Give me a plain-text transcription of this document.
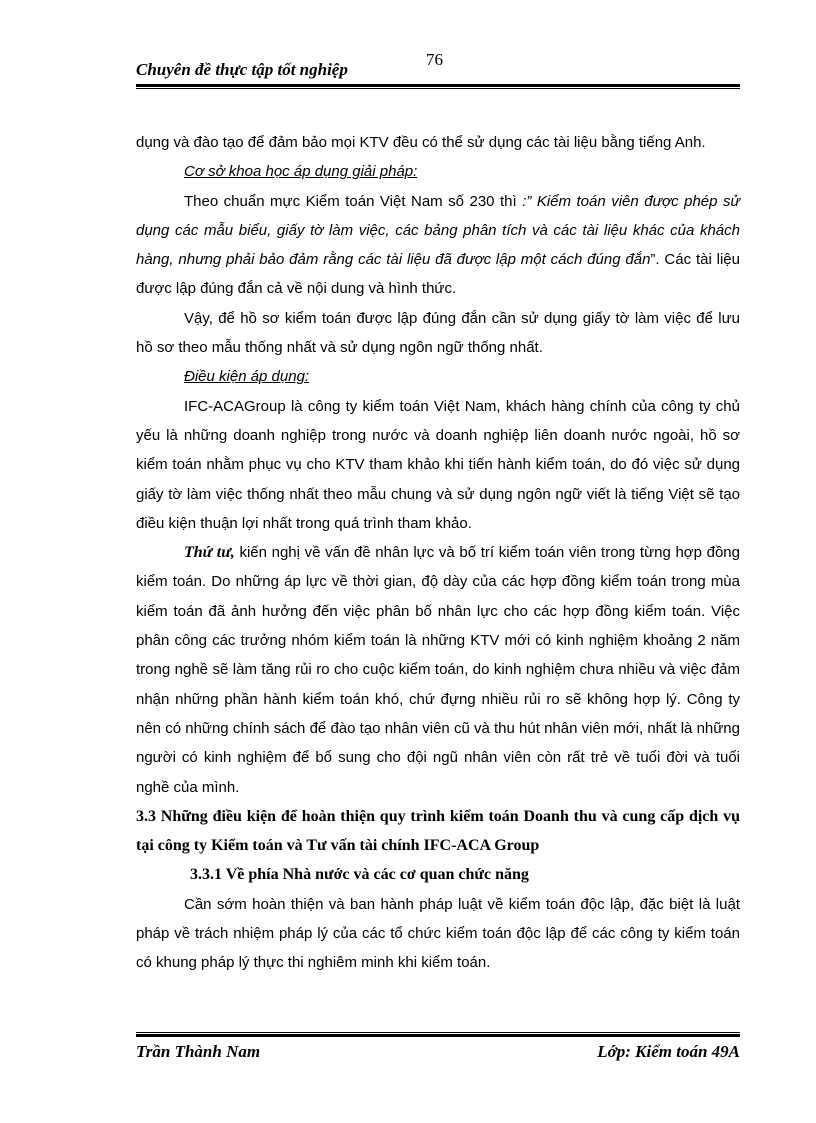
Chuyên đề thực tập tốt nghiệp
76

dụng và đào tạo để đảm bảo mọi KTV đều có thể sử dụng các tài liệu bằng tiếng Anh.

Cơ sở khoa học áp dụng giải pháp:

Theo chuẩn mực Kiểm toán Việt Nam số 230 thì :” Kiểm toán viên được phép sử dụng các mẫu biểu, giấy tờ làm việc, các bảng phân tích và các tài liệu khác của khách hàng, nhưng phải bảo đảm rằng các tài liệu đã được lập một cách đúng đắn”. Các tài liệu được lập đúng đắn cả về nội dung và hình thức.

Vậy, để hồ sơ kiểm toán được lập đúng đắn cần sử dụng giấy tờ làm việc để lưu hồ sơ theo mẫu thống nhất và sử dụng ngôn ngữ thống nhất.

Điều kiện áp dụng:

IFC-ACAGroup là công ty kiểm toán Việt Nam, khách hàng chính của công ty chủ yếu là những doanh nghiệp trong nước và doanh nghiệp liên doanh nước ngoài, hồ sơ kiểm toán nhằm phục vụ cho KTV tham khảo khi tiến hành kiểm toán, do đó việc sử dụng giấy tờ làm việc thống nhất theo mẫu chung và sử dụng ngôn ngữ viết là tiếng Việt sẽ tạo điều kiện thuận lợi nhất trong quá trình tham khảo.

Thứ tư, kiến nghị về vấn đề nhân lực và bố trí kiểm toán viên trong từng hợp đồng kiểm toán. Do những áp lực về thời gian, độ dày của các hợp đồng kiểm toán trong mùa kiểm toán đã ảnh hưởng đến việc phân bố nhân lực cho các hợp đồng kiểm toán. Việc phân công các trưởng nhóm kiểm toán là những KTV mới có kinh nghiệm khoảng 2 năm trong nghề sẽ làm tăng rủi ro cho cuộc kiểm toán, do kinh nghiệm chưa nhiều và việc đảm nhận những phần hành kiểm toán khó, chứ đựng nhiều rủi ro sẽ không hợp lý. Công ty nên có những chính sách để đào tạo nhân viên cũ và thu hút nhân viên mới, nhất là những người có kinh nghiệm để bổ sung cho đội ngũ nhân viên còn rất trẻ về tuổi đời và tuổi nghề của mình.

3.3 Những điều kiện để hoàn thiện quy trình kiểm toán Doanh thu và cung cấp dịch vụ tại công ty Kiểm toán và Tư vấn tài chính IFC-ACA Group

3.3.1 Về phía Nhà nước và các cơ quan chức năng

Cần sớm hoàn thiện và ban hành pháp luật về kiểm toán độc lập, đặc biệt là luật pháp về trách nhiệm pháp lý của các tổ chức kiểm toán độc lập để các công ty kiểm toán có khung pháp lý thực thi nghiêm minh khi kiểm toán.

Trần Thành Nam	Lớp: Kiểm toán 49A
